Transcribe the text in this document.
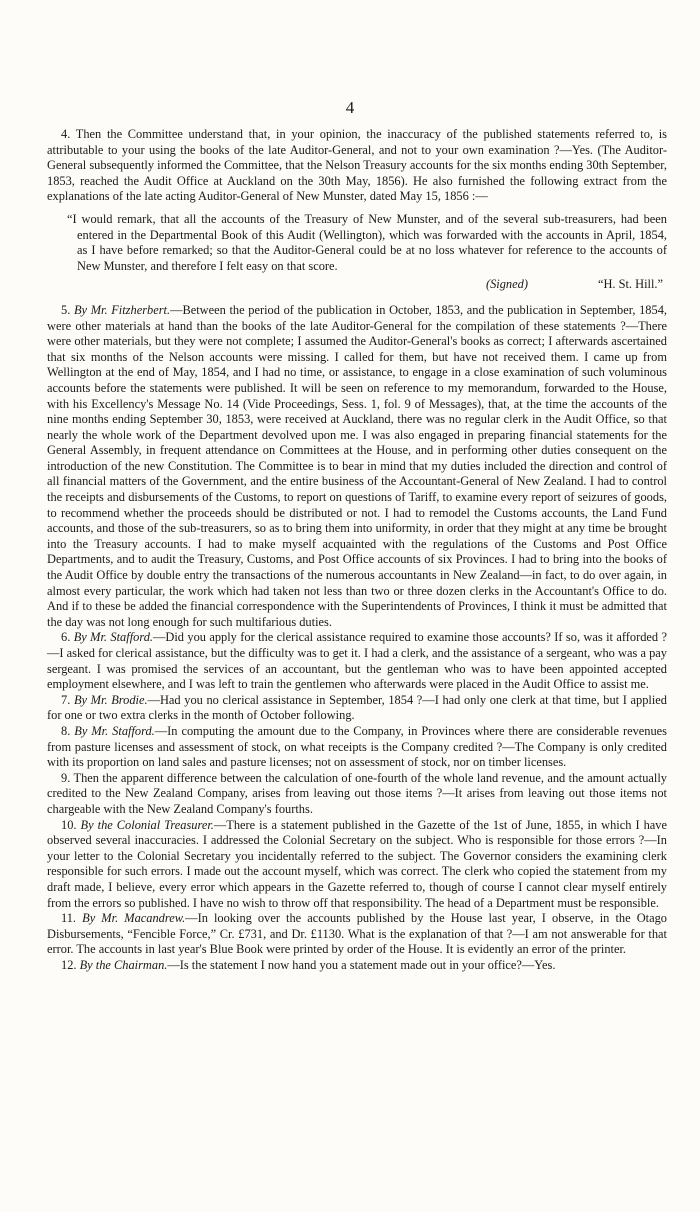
4

4. Then the Committee understand that, in your opinion, the inaccuracy of the published statements referred to, is attributable to your using the books of the late Auditor-General, and not to your own examination ?—Yes. (The Auditor-General subsequently informed the Committee, that the Nelson Treasury accounts for the six months ending 30th September, 1853, reached the Audit Office at Auckland on the 30th May, 1856). He also furnished the following extract from the explanations of the late acting Auditor-General of New Munster, dated May 15, 1856 :—

“I would remark, that all the accounts of the Treasury of New Munster, and of the several sub-treasurers, had been entered in the Departmental Book of this Audit (Wellington), which was forwarded with the accounts in April, 1854, as I have before remarked; so that the Auditor-General could be at no loss whatever for reference to the accounts of New Munster, and therefore I felt easy on that score.
(Signed)	“H. St. Hill.”

5. By Mr. Fitzherbert.—Between the period of the publication in October, 1853, and the publication in September, 1854, were other materials at hand than the books of the late Auditor-General for the compilation of these statements ?—There were other materials, but they were not complete; I assumed the Auditor-General's books as correct; I afterwards ascertained that six months of the Nelson accounts were missing. I called for them, but have not received them. I came up from Wellington at the end of May, 1854, and I had no time, or assistance, to engage in a close examination of such voluminous accounts before the statements were published. It will be seen on reference to my memorandum, forwarded to the House, with his Excellency's Message No. 14 (Vide Proceedings, Sess. 1, fol. 9 of Messages), that, at the time the accounts of the nine months ending September 30, 1853, were received at Auckland, there was no regular clerk in the Audit Office, so that nearly the whole work of the Department devolved upon me. I was also engaged in preparing financial statements for the General Assembly, in frequent attendance on Committees at the House, and in performing other duties consequent on the introduction of the new Constitution. The Committee is to bear in mind that my duties included the direction and control of all financial matters of the Government, and the entire business of the Accountant-General of New Zealand. I had to control the receipts and disbursements of the Customs, to report on questions of Tariff, to examine every report of seizures of goods, to recommend whether the proceeds should be distributed or not. I had to remodel the Customs accounts, the Land Fund accounts, and those of the sub-treasurers, so as to bring them into uniformity, in order that they might at any time be brought into the Treasury accounts. I had to make myself acquainted with the regulations of the Customs and Post Office Departments, and to audit the Treasury, Customs, and Post Office accounts of six Provinces. I had to bring into the books of the Audit Office by double entry the transactions of the numerous accountants in New Zealand—in fact, to do over again, in almost every particular, the work which had taken not less than two or three dozen clerks in the Accountant's Office to do. And if to these be added the financial correspondence with the Superintendents of Provinces, I think it must be admitted that the day was not long enough for such multifarious duties.

6. By Mr. Stafford.—Did you apply for the clerical assistance required to examine those accounts? If so, was it afforded ?—I asked for clerical assistance, but the difficulty was to get it. I had a clerk, and the assistance of a sergeant, who was a pay sergeant. I was promised the services of an accountant, but the gentleman who was to have been appointed accepted employment elsewhere, and I was left to train the gentlemen who afterwards were placed in the Audit Office to assist me.

7. By Mr. Brodie.—Had you no clerical assistance in September, 1854 ?—I had only one clerk at that time, but I applied for one or two extra clerks in the month of October following.

8. By Mr. Stafford.—In computing the amount due to the Company, in Provinces where there are considerable revenues from pasture licenses and assessment of stock, on what receipts is the Company credited ?—The Company is only credited with its proportion on land sales and pasture licenses; not on assessment of stock, nor on timber licenses.

9. Then the apparent difference between the calculation of one-fourth of the whole land revenue, and the amount actually credited to the New Zealand Company, arises from leaving out those items ?—It arises from leaving out those items not chargeable with the New Zealand Company's fourths.

10. By the Colonial Treasurer.—There is a statement published in the Gazette of the 1st of June, 1855, in which I have observed several inaccuracies. I addressed the Colonial Secretary on the subject. Who is responsible for those errors ?—In your letter to the Colonial Secretary you incidentally referred to the subject. The Governor considers the examining clerk responsible for such errors. I made out the account myself, which was correct. The clerk who copied the statement from my draft made, I believe, every error which appears in the Gazette referred to, though of course I cannot clear myself entirely from the errors so published. I have no wish to throw off that responsibility. The head of a Department must be responsible.

11. By Mr. Macandrew.—In looking over the accounts published by the House last year, I observe, in the Otago Disbursements, “Fencible Force,” Cr. £731, and Dr. £1130. What is the explanation of that ?—I am not answerable for that error. The accounts in last year's Blue Book were printed by order of the House. It is evidently an error of the printer.

12. By the Chairman.—Is the statement I now hand you a statement made out in your office?—Yes.
